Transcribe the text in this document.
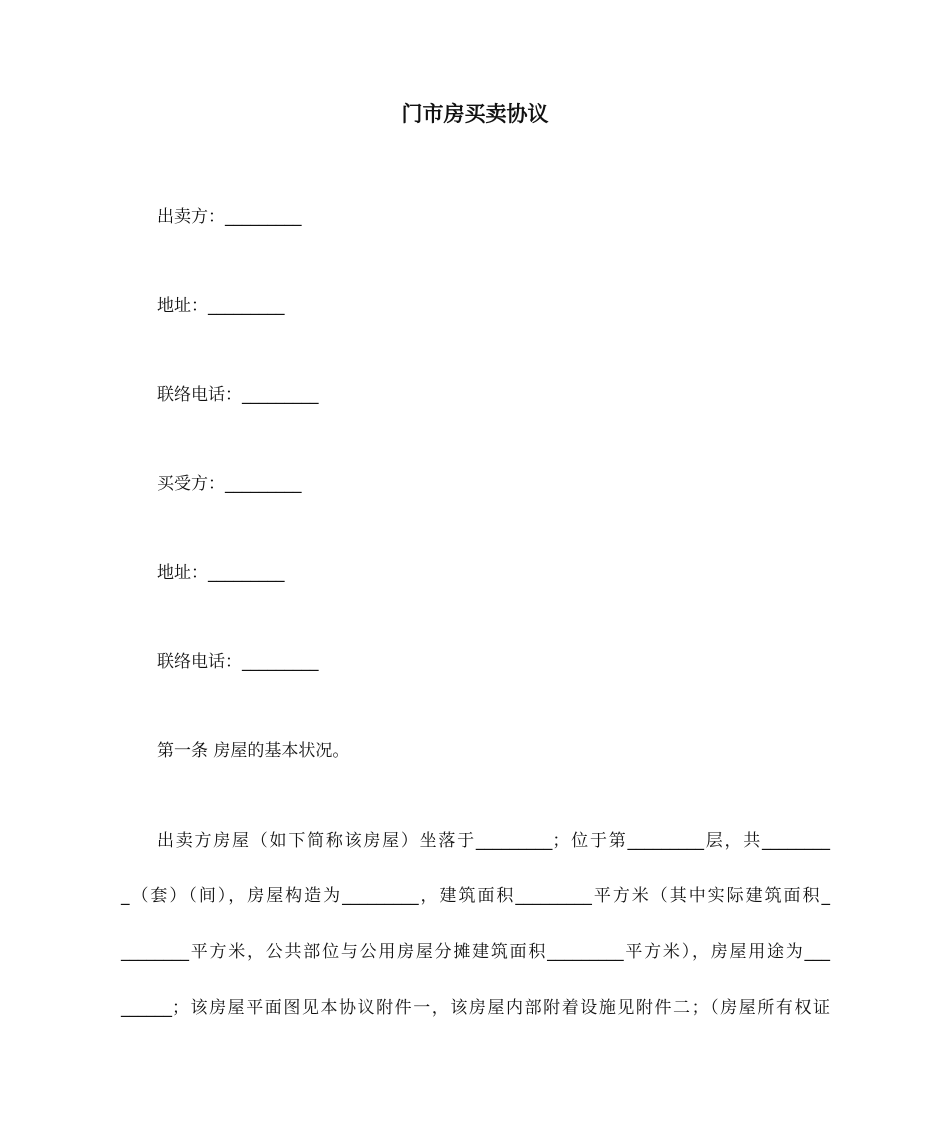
门市房买卖协议
出卖方：_________
地址：_________
联络电话：_________
买受方：_________
地址：_________
联络电话：_________
第一条 房屋的基本状况。
出卖方房屋（如下简称该房屋）坐落于_________；位于第_________层，共________
_（套）（间），房屋构造为_________，建筑面积_________平方米（其中实际建筑面积_
________平方米，公共部位与公用房屋分摊建筑面积_________平方米），房屋用途为___
______；该房屋平面图见本协议附件一，该房屋内部附着设施见附件二；（房屋所有权证
